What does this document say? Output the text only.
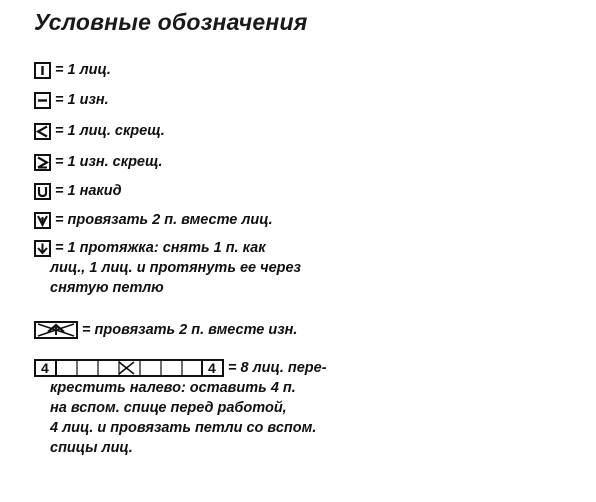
Условные обозначения
= 1 лиц.
= 1 изн.
= 1 лиц. скрещ.
= 1 изн. скрещ.
= 1 накид
= провязать 2 п. вместе лиц.
= 1 протяжка: снять 1 п. как
лиц., 1 лиц. и протянуть ее через
снятую петлю
= провязать 2 п. вместе изн.
4	4 = 8 лиц. пере-
крестить налево: оставить 4 п.
на вспом. спице перед работой,
4 лиц. и провязать петли со вспом.
спицы лиц.
